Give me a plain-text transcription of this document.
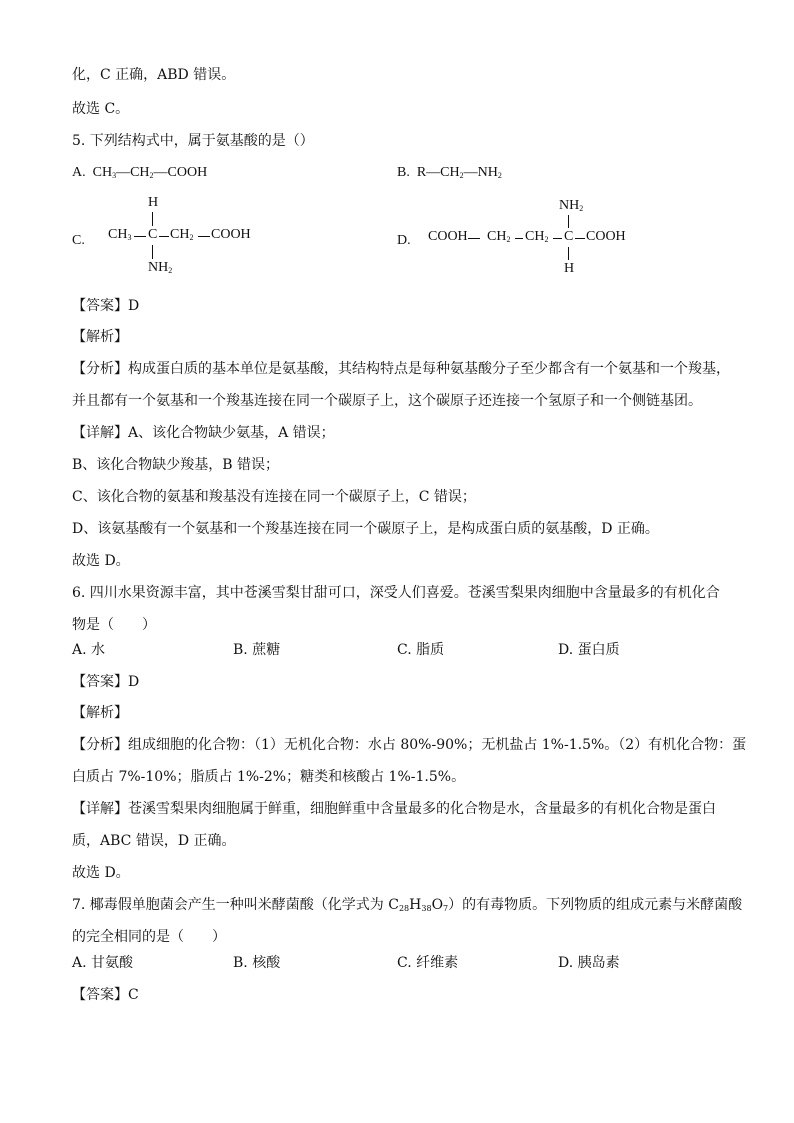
化，C 正确，ABD 错误。
故选 C。
5. 下列结构式中，属于氨基酸的是（）
A. $CH_3—CH_2—COOH$	B. $R—CH_2—NH_2$
C.
H
$CH_3$ C $CH_2$ COOH
$NH_2$
D.
$NH_2$
COOH $CH_2$ $CH_2$ C COOH
H
【答案】D
【解析】
【分析】构成蛋白质的基本单位是氨基酸，其结构特点是每种氨基酸分子至少都含有一个氨基和一个羧基，
并且都有一个氨基和一个羧基连接在同一个碳原子上，这个碳原子还连接一个氢原子和一个侧链基团。
【详解】A、该化合物缺少氨基，A 错误；
B、该化合物缺少羧基，B 错误；
C、该化合物的氨基和羧基没有连接在同一个碳原子上，C 错误；
D、该氨基酸有一个氨基和一个羧基连接在同一个碳原子上，是构成蛋白质的氨基酸，D 正确。
故选 D。
6. 四川水果资源丰富，其中苍溪雪梨甘甜可口，深受人们喜爱。苍溪雪梨果肉细胞中含量最多的有机化合
物是（　　）
A. 水	B. 蔗糖	C. 脂质	D. 蛋白质
【答案】D
【解析】
【分析】组成细胞的化合物：（1）无机化合物：水占 80%-90%；无机盐占 1%-1.5%。（2）有机化合物：蛋
白质占 7%-10%；脂质占 1%-2%；糖类和核酸占 1%-1.5%。
【详解】苍溪雪梨果肉细胞属于鲜重，细胞鲜重中含量最多的化合物是水，含量最多的有机化合物是蛋白
质，ABC 错误，D 正确。
故选 D。
7. 椰毒假单胞菌会产生一种叫米酵菌酸（化学式为 $C_{28}H_{38}O_7$）的有毒物质。下列物质的组成元素与米酵菌酸
的完全相同的是（　　）
A. 甘氨酸	B. 核酸	C. 纤维素	D. 胰岛素
【答案】C
